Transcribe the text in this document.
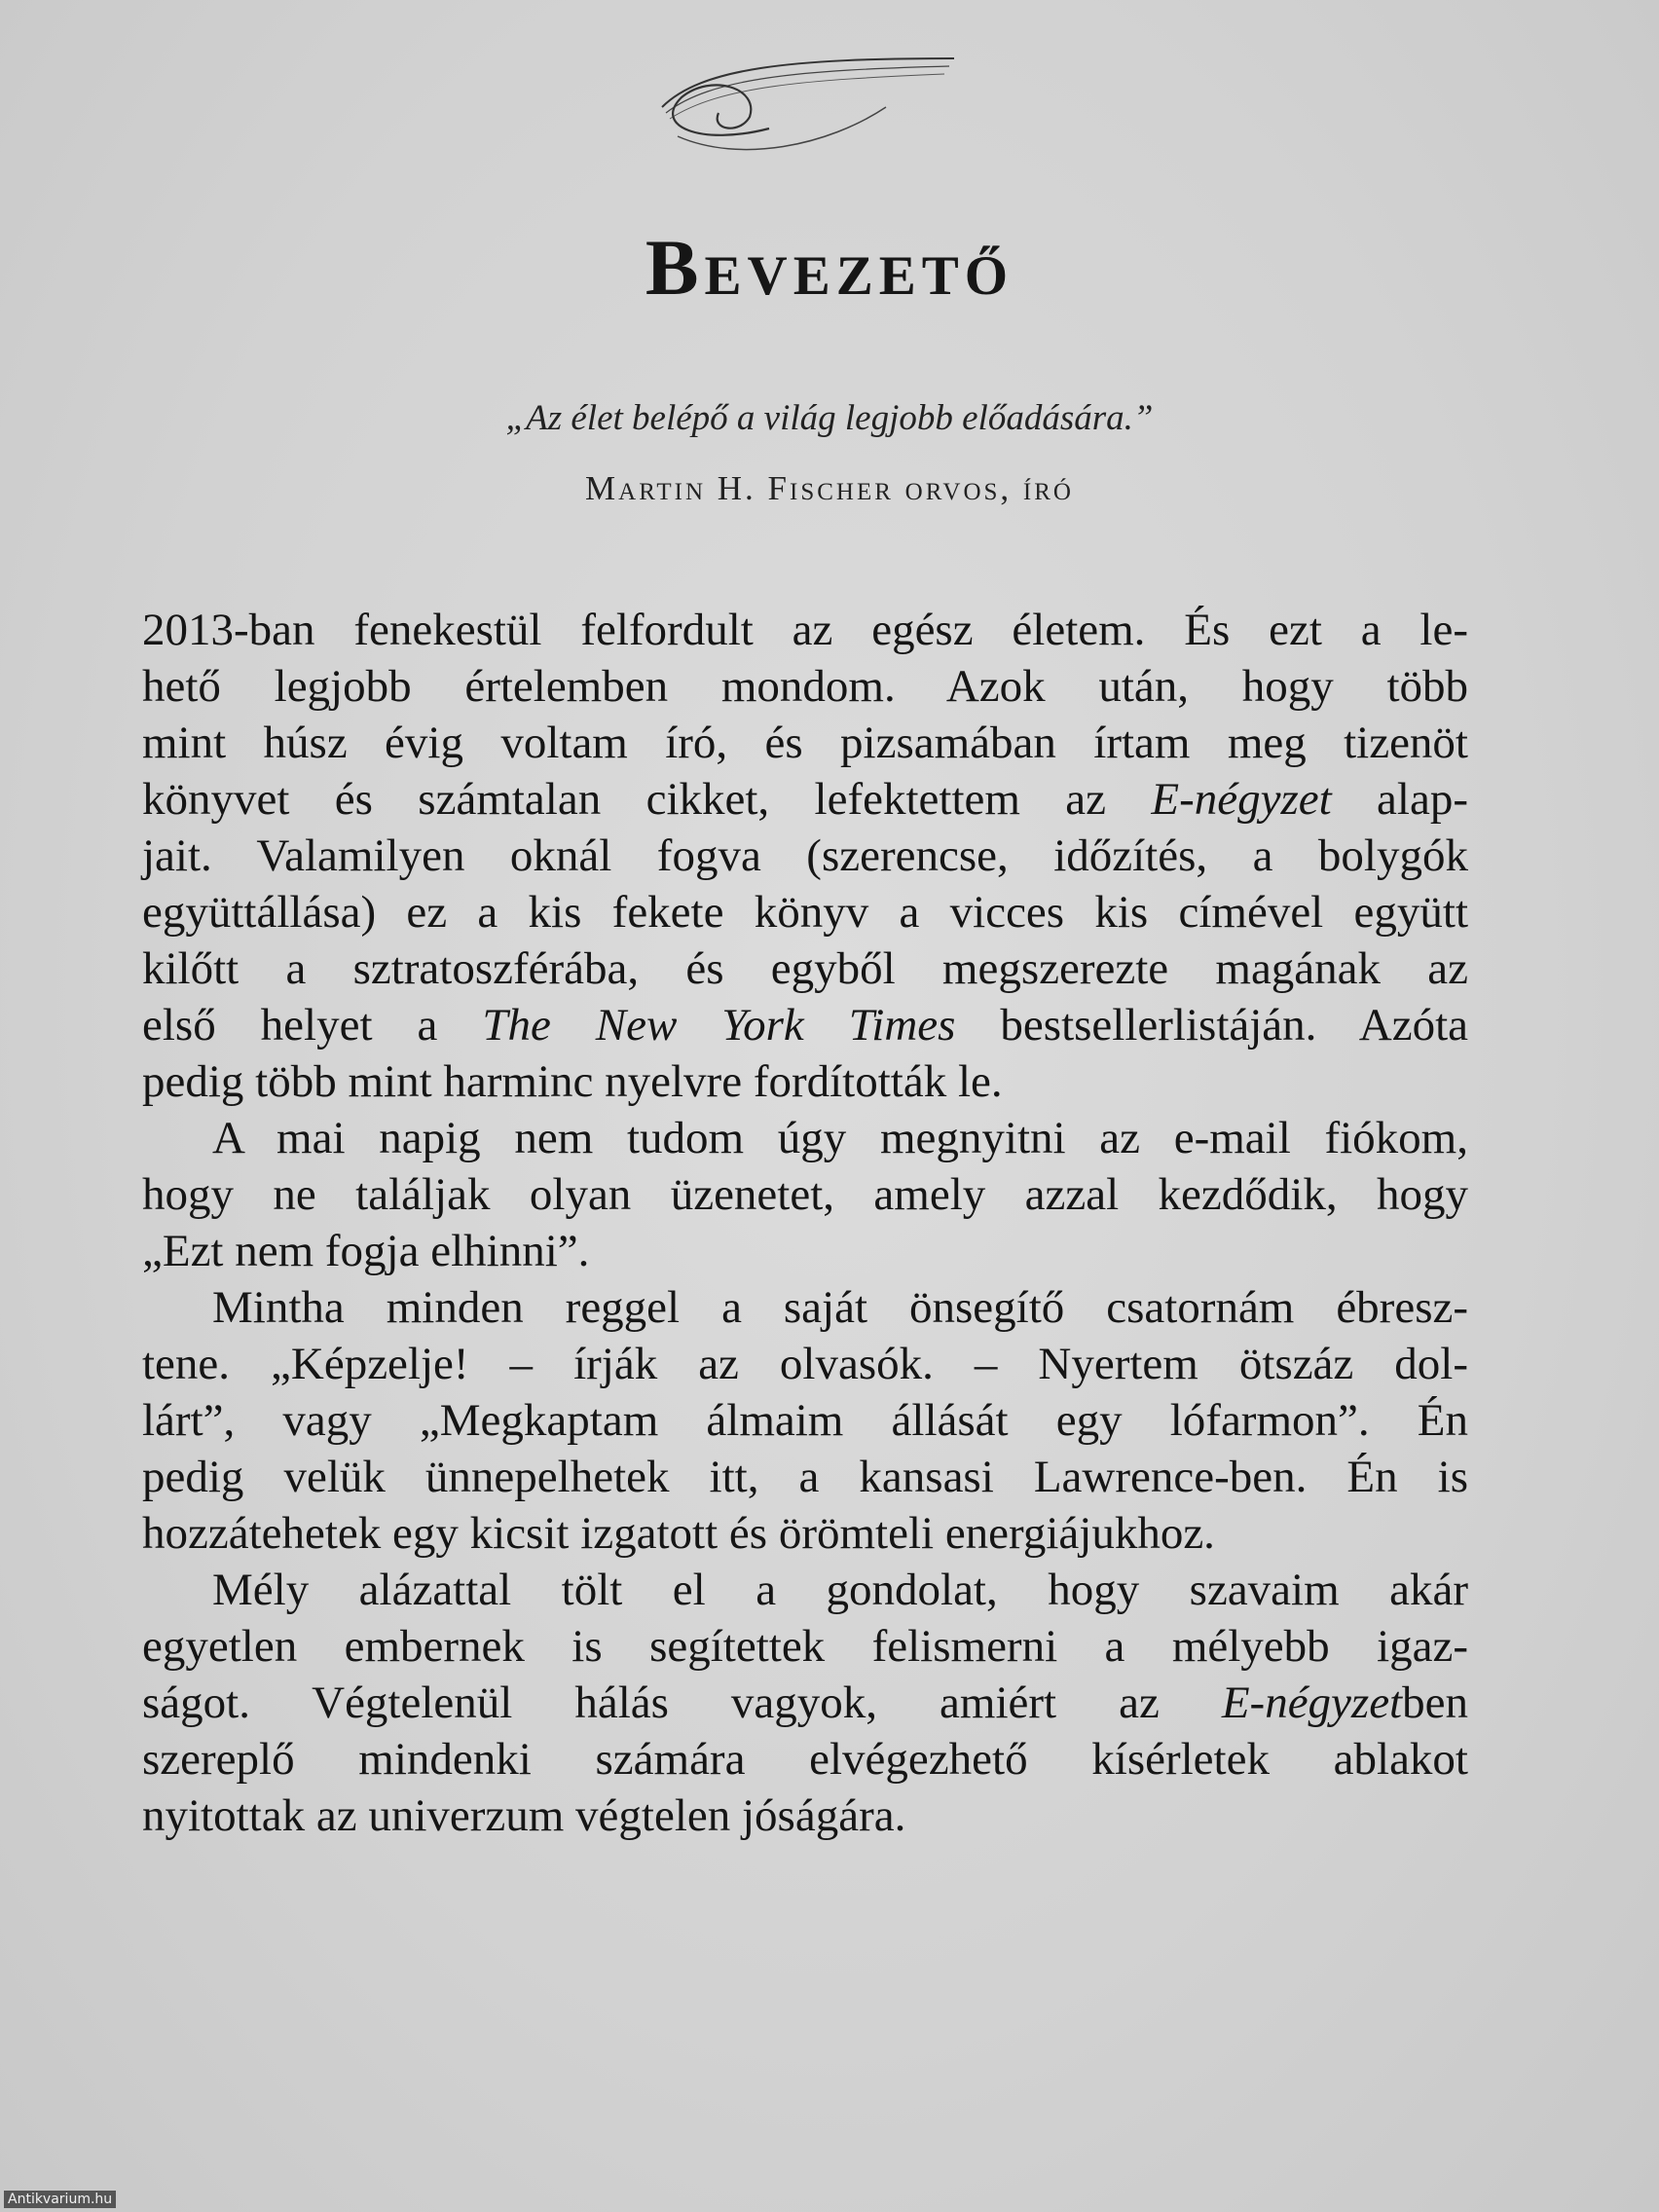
Bevezető
„Az élet belépő a világ legjobb előadására.”
Martin H. Fischer orvos, író
2013-ban fenekestül felfordult az egész életem. És ezt a le-
hető legjobb értelemben mondom. Azok után, hogy több
mint húsz évig voltam író, és pizsamában írtam meg tizenöt
könyvet és számtalan cikket, lefektettem az E-négyzet alap-
jait. Valamilyen oknál fogva (szerencse, időzítés, a bolygók
együttállása) ez a kis fekete könyv a vicces kis címével együtt
kilőtt a sztratoszférába, és egyből megszerezte magának az
első helyet a The New York Times bestsellerlistáján. Azóta
pedig több mint harminc nyelvre fordították le.
A mai napig nem tudom úgy megnyitni az e-mail fiókom,
hogy ne találjak olyan üzenetet, amely azzal kezdődik, hogy
„Ezt nem fogja elhinni”.
Mintha minden reggel a saját önsegítő csatornám ébresz-
tene. „Képzelje! – írják az olvasók. – Nyertem ötszáz dol-
lárt”, vagy „Megkaptam álmaim állását egy lófarmon”. Én
pedig velük ünnepelhetek itt, a kansasi Lawrence-ben. Én is
hozzátehetek egy kicsit izgatott és örömteli energiájukhoz.
Mély alázattal tölt el a gondolat, hogy szavaim akár
egyetlen embernek is segítettek felismerni a mélyebb igaz-
ságot. Végtelenül hálás vagyok, amiért az E-négyzetben
szereplő mindenki számára elvégezhető kísérletek ablakot
nyitottak az univerzum végtelen jóságára.
Antikvarium.hu
